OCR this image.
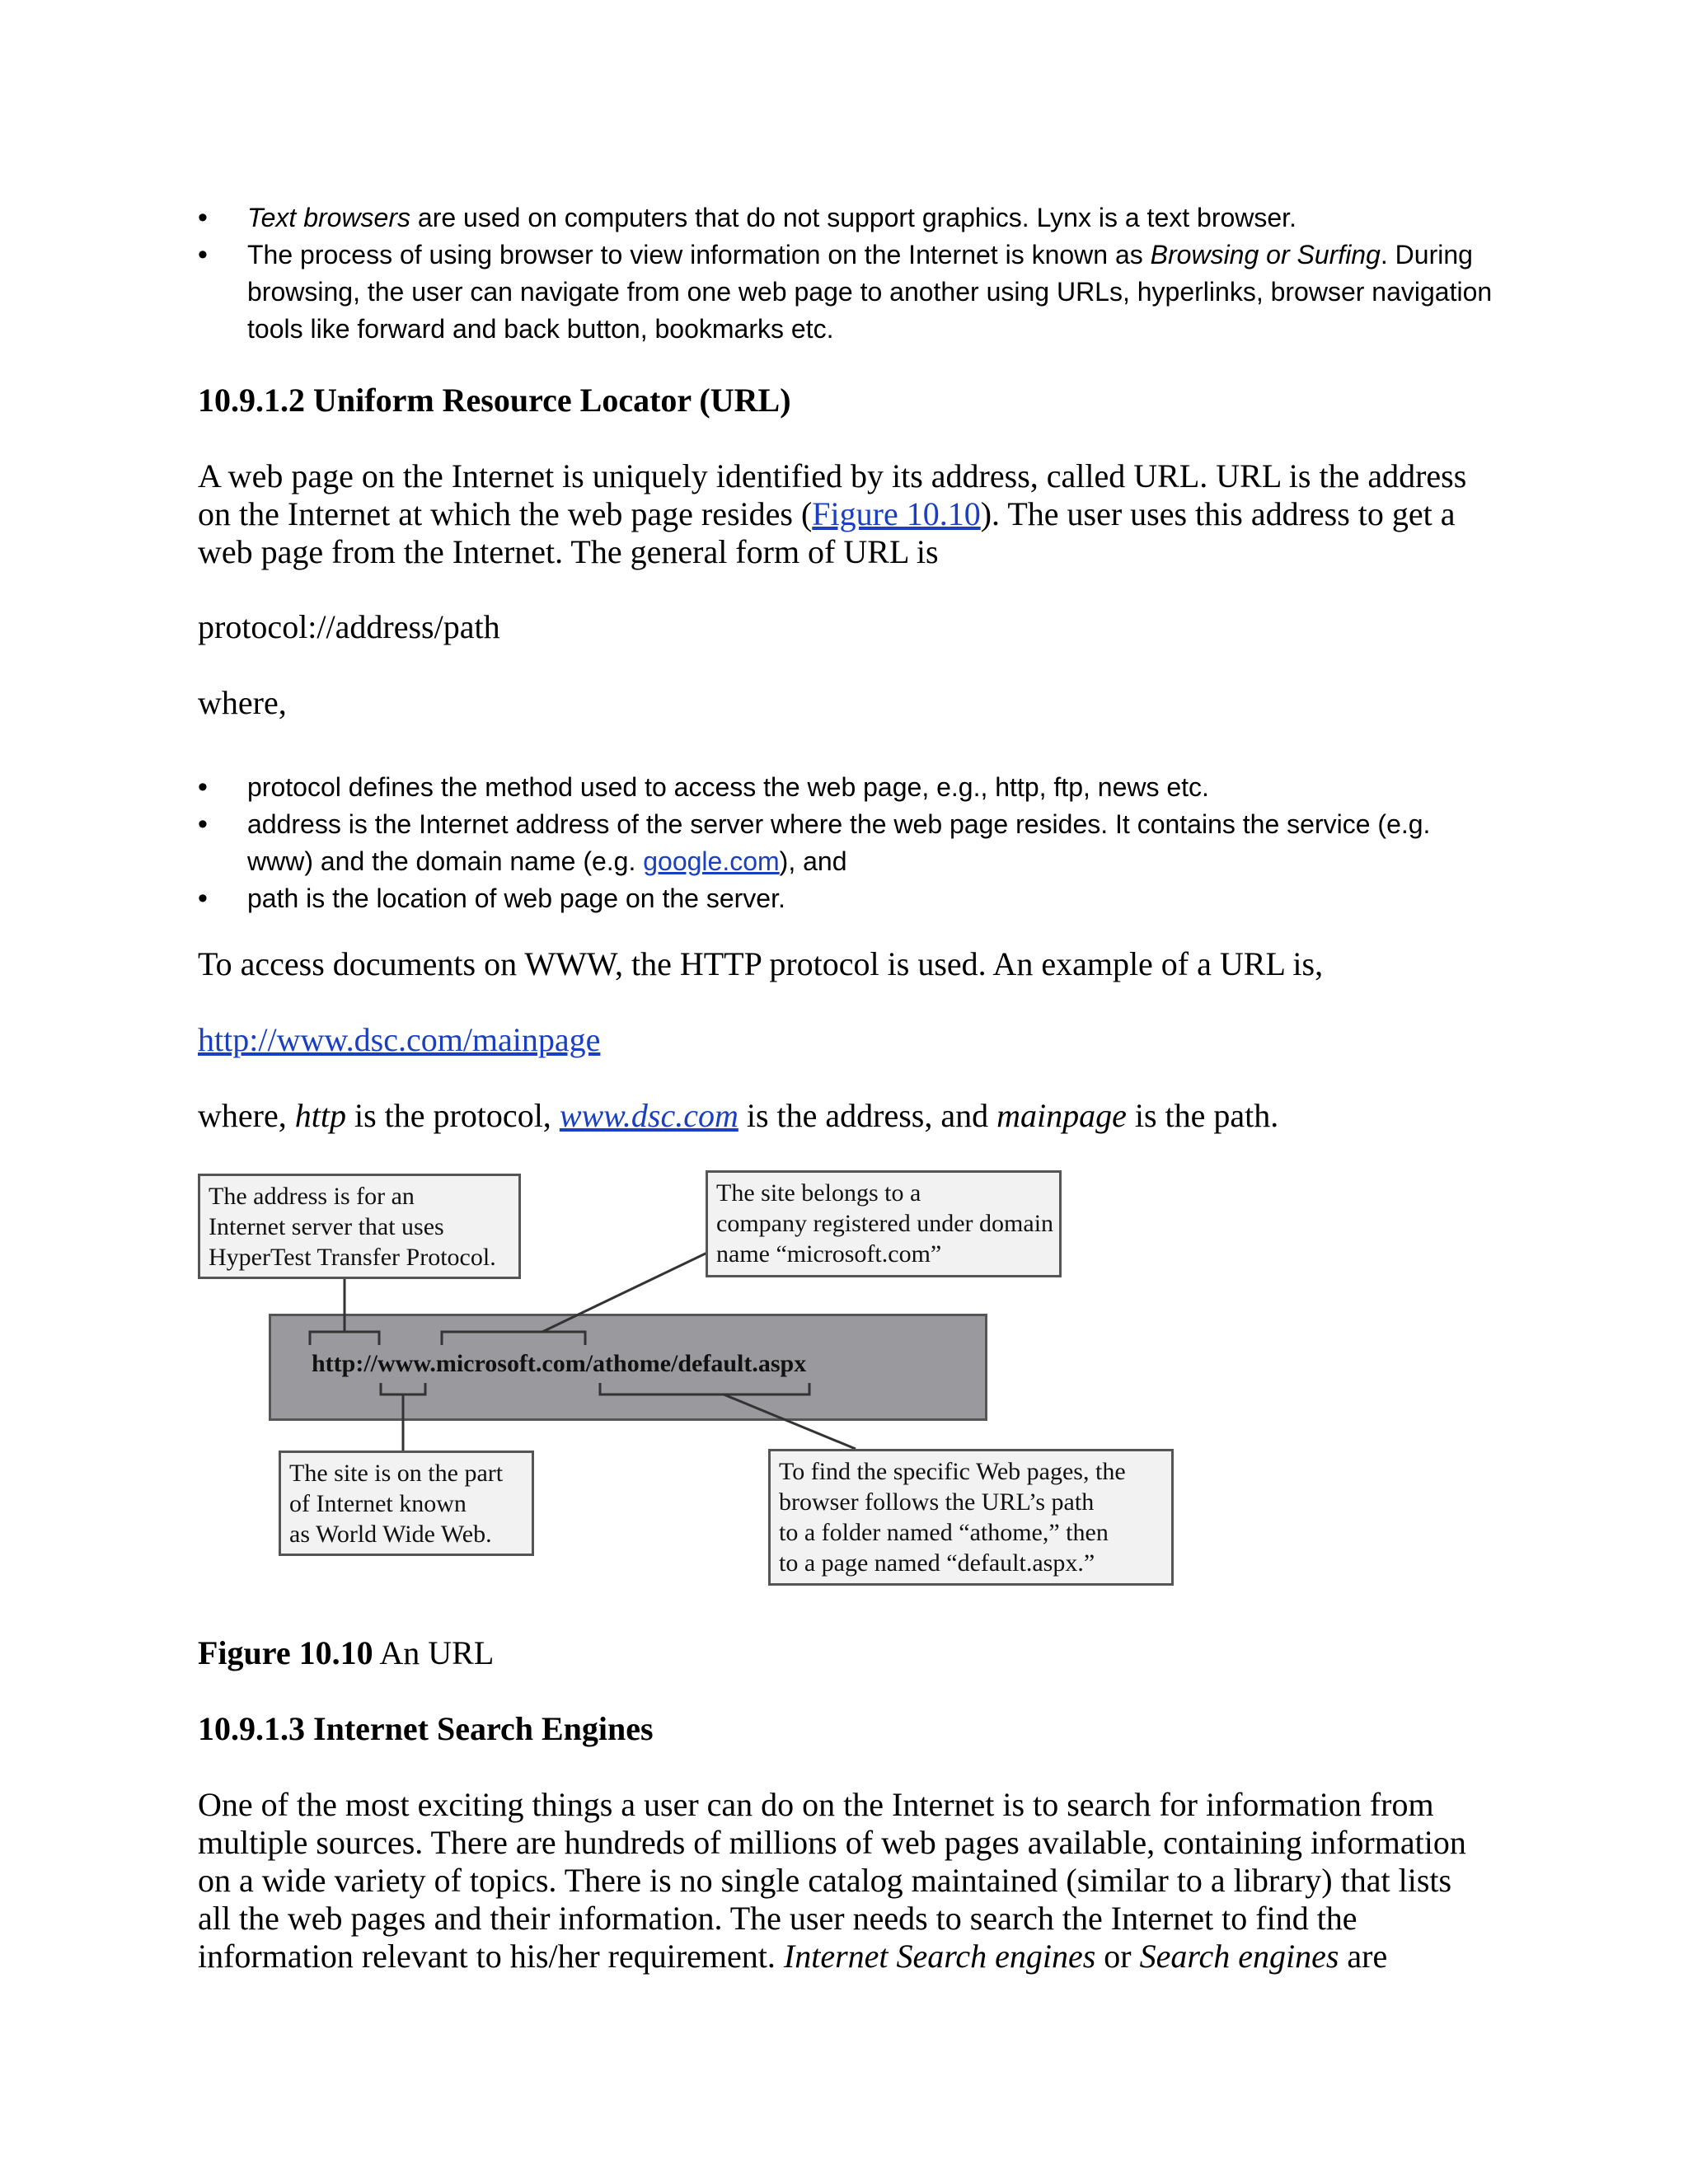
• Text browsers are used on computers that do not support graphics. Lynx is a text browser.
• The process of using browser to view information on the Internet is known as Browsing or Surfing. During browsing, the user can navigate from one web page to another using URLs, hyperlinks, browser navigation tools like forward and back button, bookmarks etc.
10.9.1.2 Uniform Resource Locator (URL)

A web page on the Internet is uniquely identified by its address, called URL. URL is the address on the Internet at which the web page resides (Figure 10.10). The user uses this address to get a web page from the Internet. The general form of URL is

protocol://address/path

where,

• protocol defines the method used to access the web page, e.g., http, ftp, news etc.
• address is the Internet address of the server where the web page resides. It contains the service (e.g. www) and the domain name (e.g. google.com), and
• path is the location of web page on the server.

To access documents on WWW, the HTTP protocol is used. An example of a URL is,

http://www.dsc.com/mainpage

where, http is the protocol, www.dsc.com is the address, and mainpage is the path.

http://www.microsoft.com/athome/default.aspx
The address is for an
Internet server that uses
HyperTest Transfer Protocol.
The site belongs to a
company registered under domain
name “microsoft.com”
The site is on the part
of Internet known
as World Wide Web.
To find the specific Web pages, the
browser follows the URL’s path
to a folder named “athome,” then
to a page named “default.aspx.”

Figure 10.10 An URL

10.9.1.3 Internet Search Engines

One of the most exciting things a user can do on the Internet is to search for information from multiple sources. There are hundreds of millions of web pages available, containing information on a wide variety of topics. There is no single catalog maintained (similar to a library) that lists all the web pages and their information. The user needs to search the Internet to find the information relevant to his/her requirement. Internet Search engines or Search engines are
